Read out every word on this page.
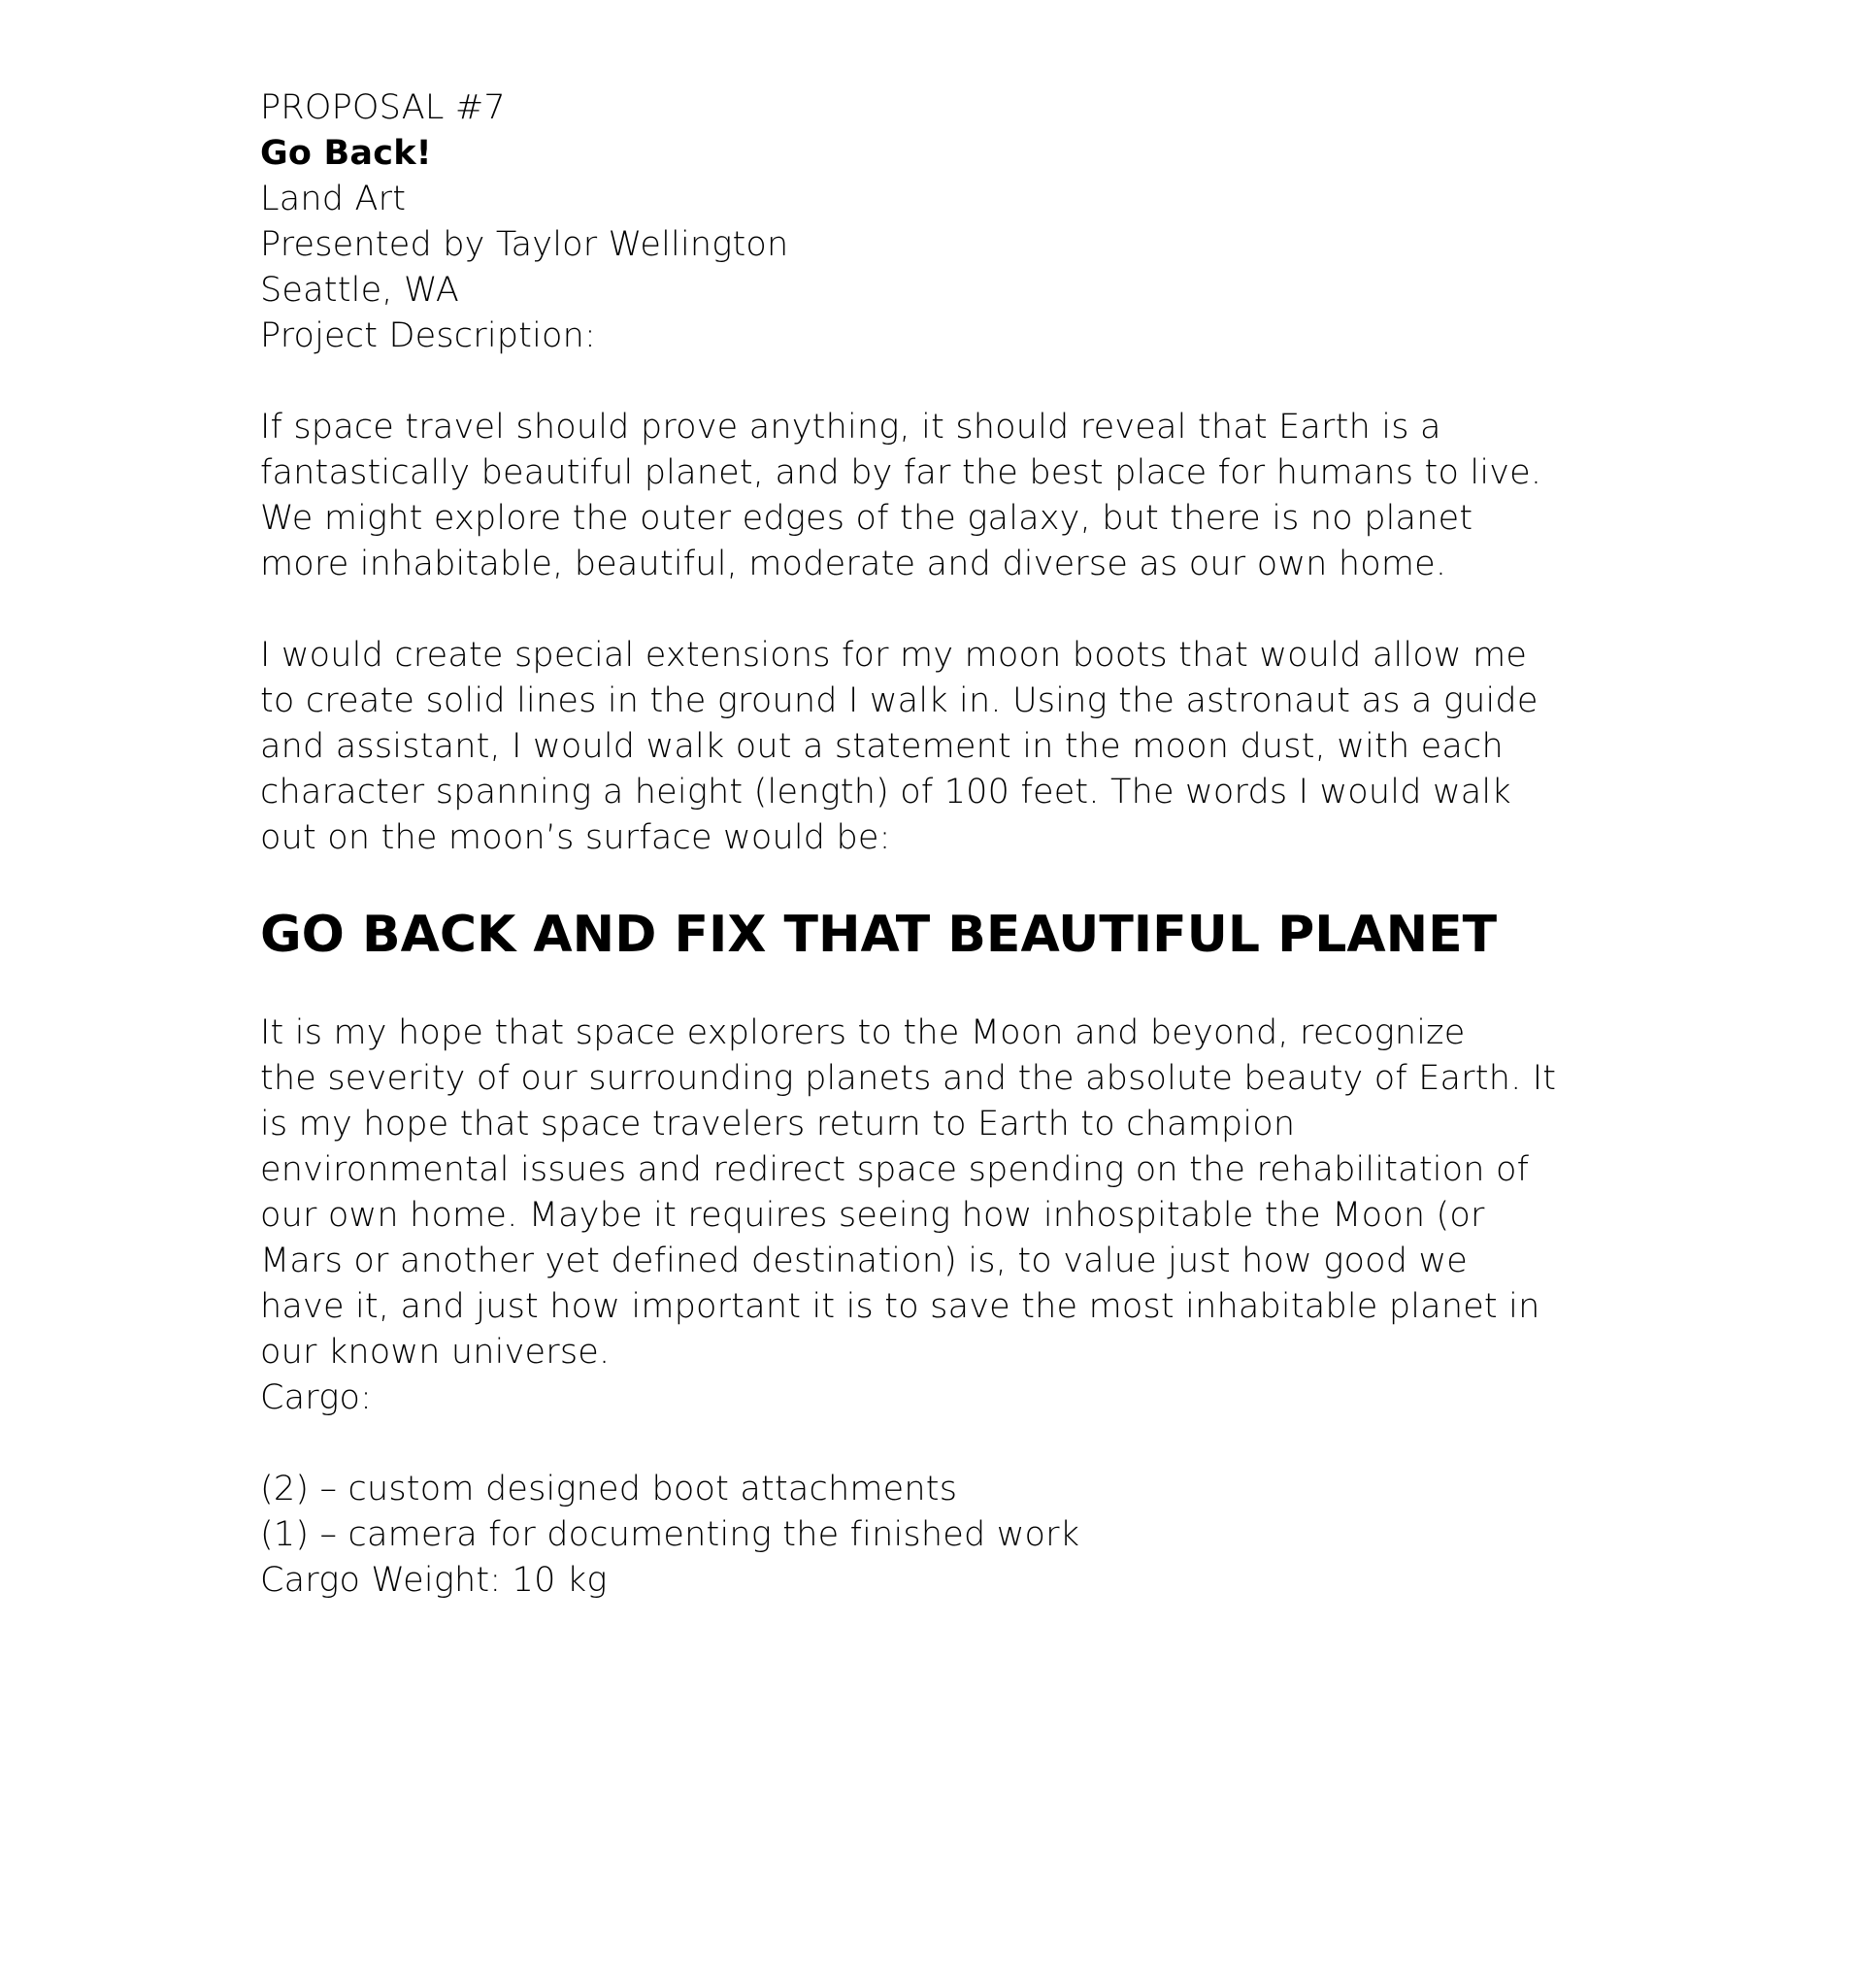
PROPOSAL #7

Go Back!

Land Art

Presented by Taylor Wellington

Seattle, WA

Project Description:

If space travel should prove anything, it should reveal that Earth is a
fantastically beautiful planet, and by far the best place for humans to live.
We might explore the outer edges of the galaxy, but there is no planet
more inhabitable, beautiful, moderate and diverse as our own home.
I would create special extensions for my moon boots that would allow me
to create solid lines in the ground I walk in. Using the astronaut as a guide
and assistant, I would walk out a statement in the moon dust, with each
character spanning a height (length) of 100 feet. The words I would walk
out on the moon’s surface would be:
GO BACK AND FIX THAT BEAUTIFUL PLANET
It is my hope that space explorers to the Moon and beyond, recognize
the severity of our surrounding planets and the absolute beauty of Earth. It
is my hope that space travelers return to Earth to champion
environmental issues and redirect space spending on the rehabilitation of
our own home. Maybe it requires seeing how inhospitable the Moon (or
Mars or another yet defined destination) is, to value just how good we
have it, and just how important it is to save the most inhabitable planet in
our known universe.

Cargo:

(2) – custom designed boot attachments
(1) – camera for documenting the finished work

Cargo Weight: 10 kg
